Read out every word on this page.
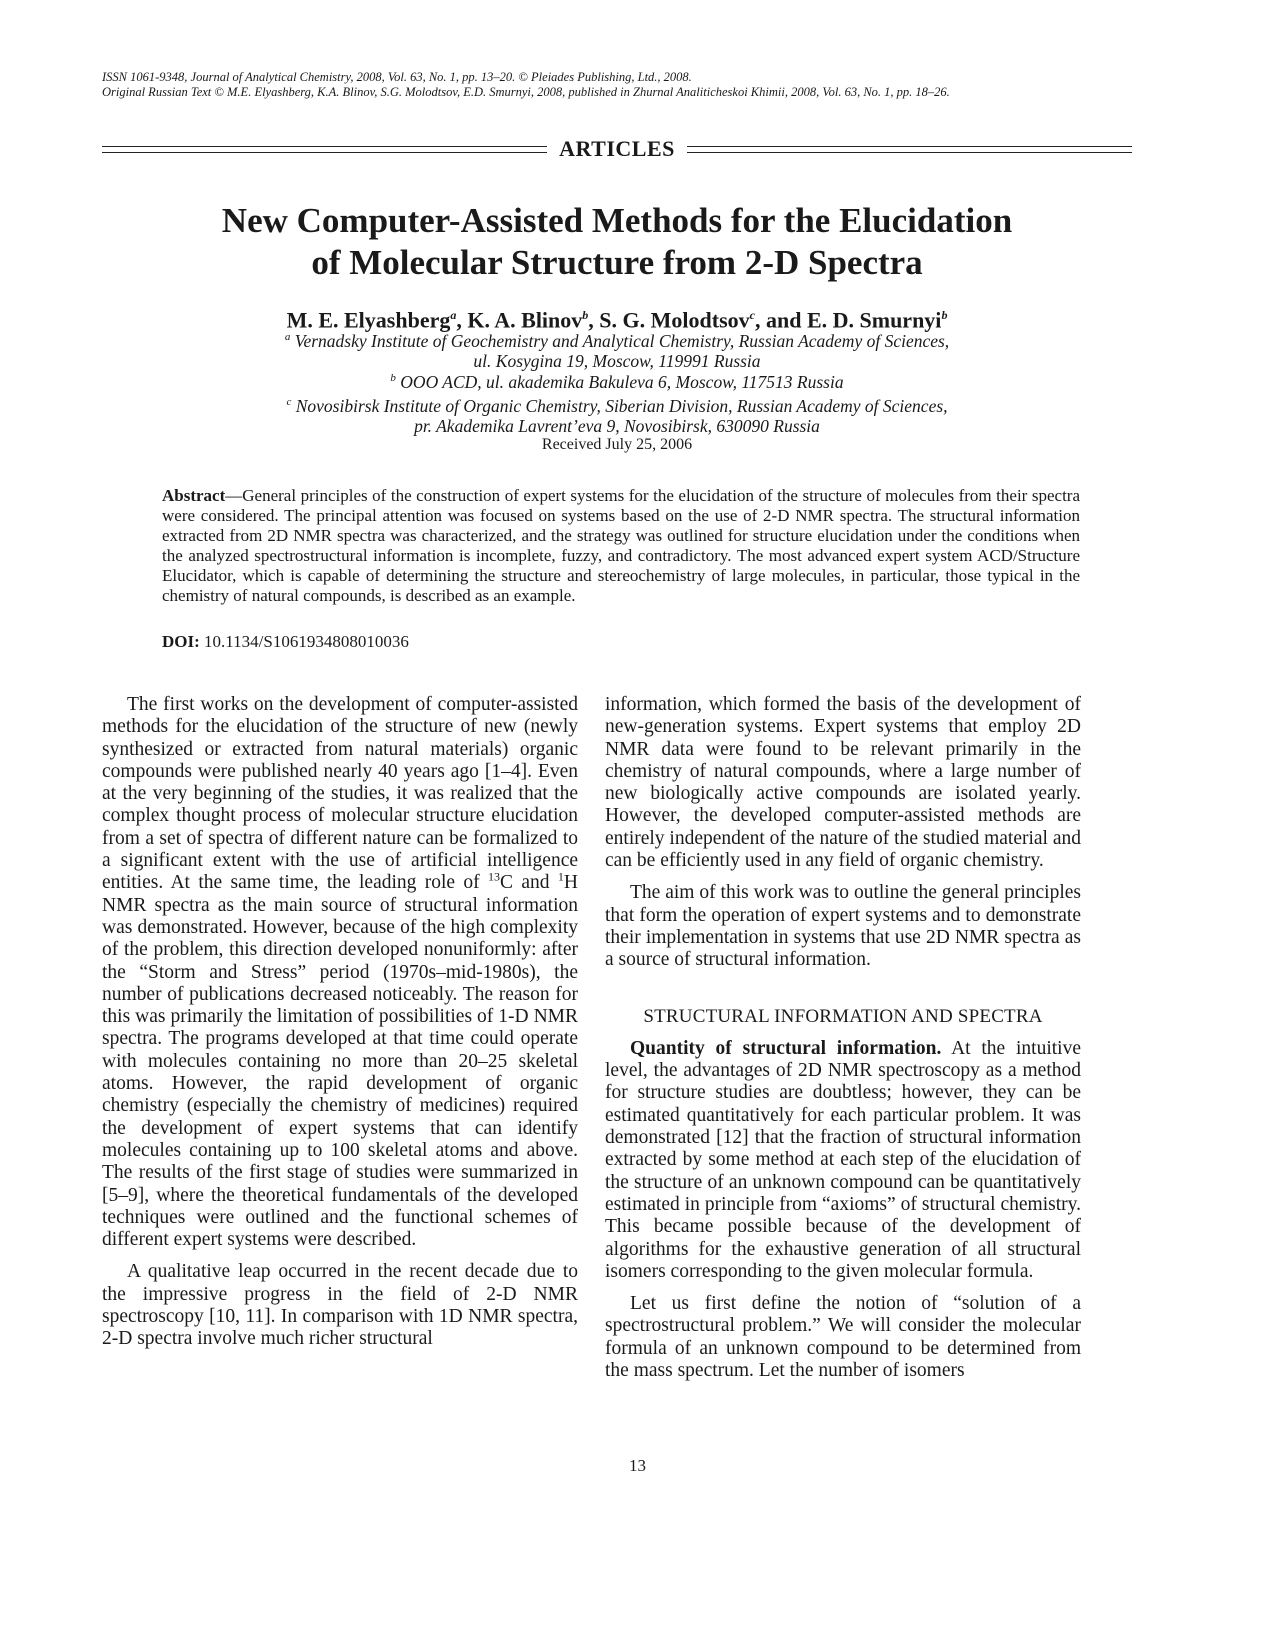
ISSN 1061-9348, Journal of Analytical Chemistry, 2008, Vol. 63, No. 1, pp. 13–20. © Pleiades Publishing, Ltd., 2008.
Original Russian Text © M.E. Elyashberg, K.A. Blinov, S.G. Molodtsov, E.D. Smurnyi, 2008, published in Zhurnal Analiticheskoi Khimii, 2008, Vol. 63, No. 1, pp. 18–26.
ARTICLES
New Computer-Assisted Methods for the Elucidation
of Molecular Structure from 2-D Spectra
M. E. Elyashberg$^a$, K. A. Blinov$^b$, S. G. Molodtsov$^c$, and E. D. Smurnyi$^b$
$^a$ Vernadsky Institute of Geochemistry and Analytical Chemistry, Russian Academy of Sciences,
ul. Kosygina 19, Moscow, 119991 Russia
$^b$ OOO ACD, ul. akademika Bakuleva 6, Moscow, 117513 Russia
$^c$ Novosibirsk Institute of Organic Chemistry, Siberian Division, Russian Academy of Sciences,
pr. Akademika Lavrent’eva 9, Novosibirsk, 630090 Russia
Received July 25, 2006
Abstract—General principles of the construction of expert systems for the elucidation of the structure of molecules from their spectra were considered. The principal attention was focused on systems based on the use of 2-D NMR spectra. The structural information extracted from 2D NMR spectra was characterized, and the strategy was outlined for structure elucidation under the conditions when the analyzed spectrostructural information is incomplete, fuzzy, and contradictory. The most advanced expert system ACD/Structure Elucidator, which is capable of determining the structure and stereochemistry of large molecules, in particular, those typical in the chemistry of natural compounds, is described as an example.
DOI: 10.1134/S1061934808010036

The first works on the development of computer-assisted methods for the elucidation of the structure of new (newly synthesized or extracted from natural materials) organic compounds were published nearly 40 years ago [1–4]. Even at the very beginning of the studies, it was realized that the complex thought process of molecular structure elucidation from a set of spectra of different nature can be formalized to a significant extent with the use of artificial intelligence entities. At the same time, the leading role of $^{13}$C and $^1$H NMR spectra as the main source of structural information was demonstrated. However, because of the high complexity of the problem, this direction developed nonuniformly: after the “Storm and Stress” period (1970s–mid-1980s), the number of publications decreased noticeably. The reason for this was primarily the limitation of possibilities of 1-D NMR spectra. The programs developed at that time could operate with molecules containing no more than 20–25 skeletal atoms. However, the rapid development of organic chemistry (especially the chemistry of medicines) required the development of expert systems that can identify molecules containing up to 100 skeletal atoms and above. The results of the first stage of studies were summarized in [5–9], where the theoretical fundamentals of the developed techniques were outlined and the functional schemes of different expert systems were described.

A qualitative leap occurred in the recent decade due to the impressive progress in the field of 2-D NMR spectroscopy [10, 11]. In comparison with 1D NMR spectra, 2-D spectra involve much richer structural

information, which formed the basis of the development of new-generation systems. Expert systems that employ 2D NMR data were found to be relevant primarily in the chemistry of natural compounds, where a large number of new biologically active compounds are isolated yearly. However, the developed computer-assisted methods are entirely independent of the nature of the studied material and can be efficiently used in any field of organic chemistry.

The aim of this work was to outline the general principles that form the operation of expert systems and to demonstrate their implementation in systems that use 2D NMR spectra as a source of structural information.

STRUCTURAL INFORMATION AND SPECTRA

Quantity of structural information. At the intuitive level, the advantages of 2D NMR spectroscopy as a method for structure studies are doubtless; however, they can be estimated quantitatively for each particular problem. It was demonstrated [12] that the fraction of structural information extracted by some method at each step of the elucidation of the structure of an unknown compound can be quantitatively estimated in principle from “axioms” of structural chemistry. This became possible because of the development of algorithms for the exhaustive generation of all structural isomers corresponding to the given molecular formula.

Let us first define the notion of “solution of a spectrostructural problem.” We will consider the molecular formula of an unknown compound to be determined from the mass spectrum. Let the number of isomers

13
